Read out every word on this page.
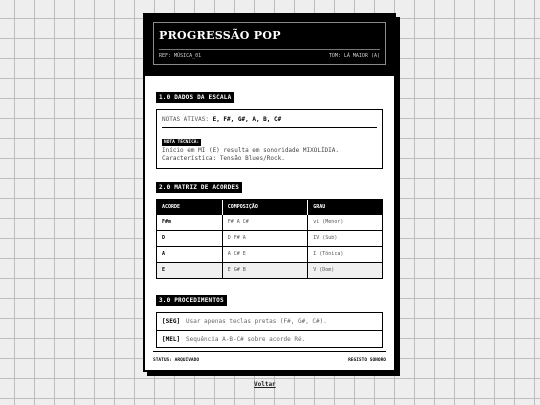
PROGRESSÃO POP
REF: MÚSICA_01	TOM: LÁ MAIOR (A)
1.0 DADOS DA ESCALA
NOTAS ATIVAS: E, F#, G#, A, B, C#
NOTA TÉCNICA:
Início em MI (E) resulta em sonoridade MIXOLÍDIA.
Característica: Tensão Blues/Rock.
2.0 MATRIZ DE ACORDES
ACORDE	COMPOSIÇÃO	GRAU
F#m	F# A C#	vi (Menor)
D	D F# A	IV (Sub)
A	A C# E	I (Tônica)
E	E G# B	V (Dom)
3.0 PROCEDIMENTOS
[SEG] Usar apenas teclas pretas (F#, G#, C#).
[MEL] Sequência A-B-C# sobre acorde Ré.
STATUS: ARQUIVADO	REGISTO SONORO
Voltar
